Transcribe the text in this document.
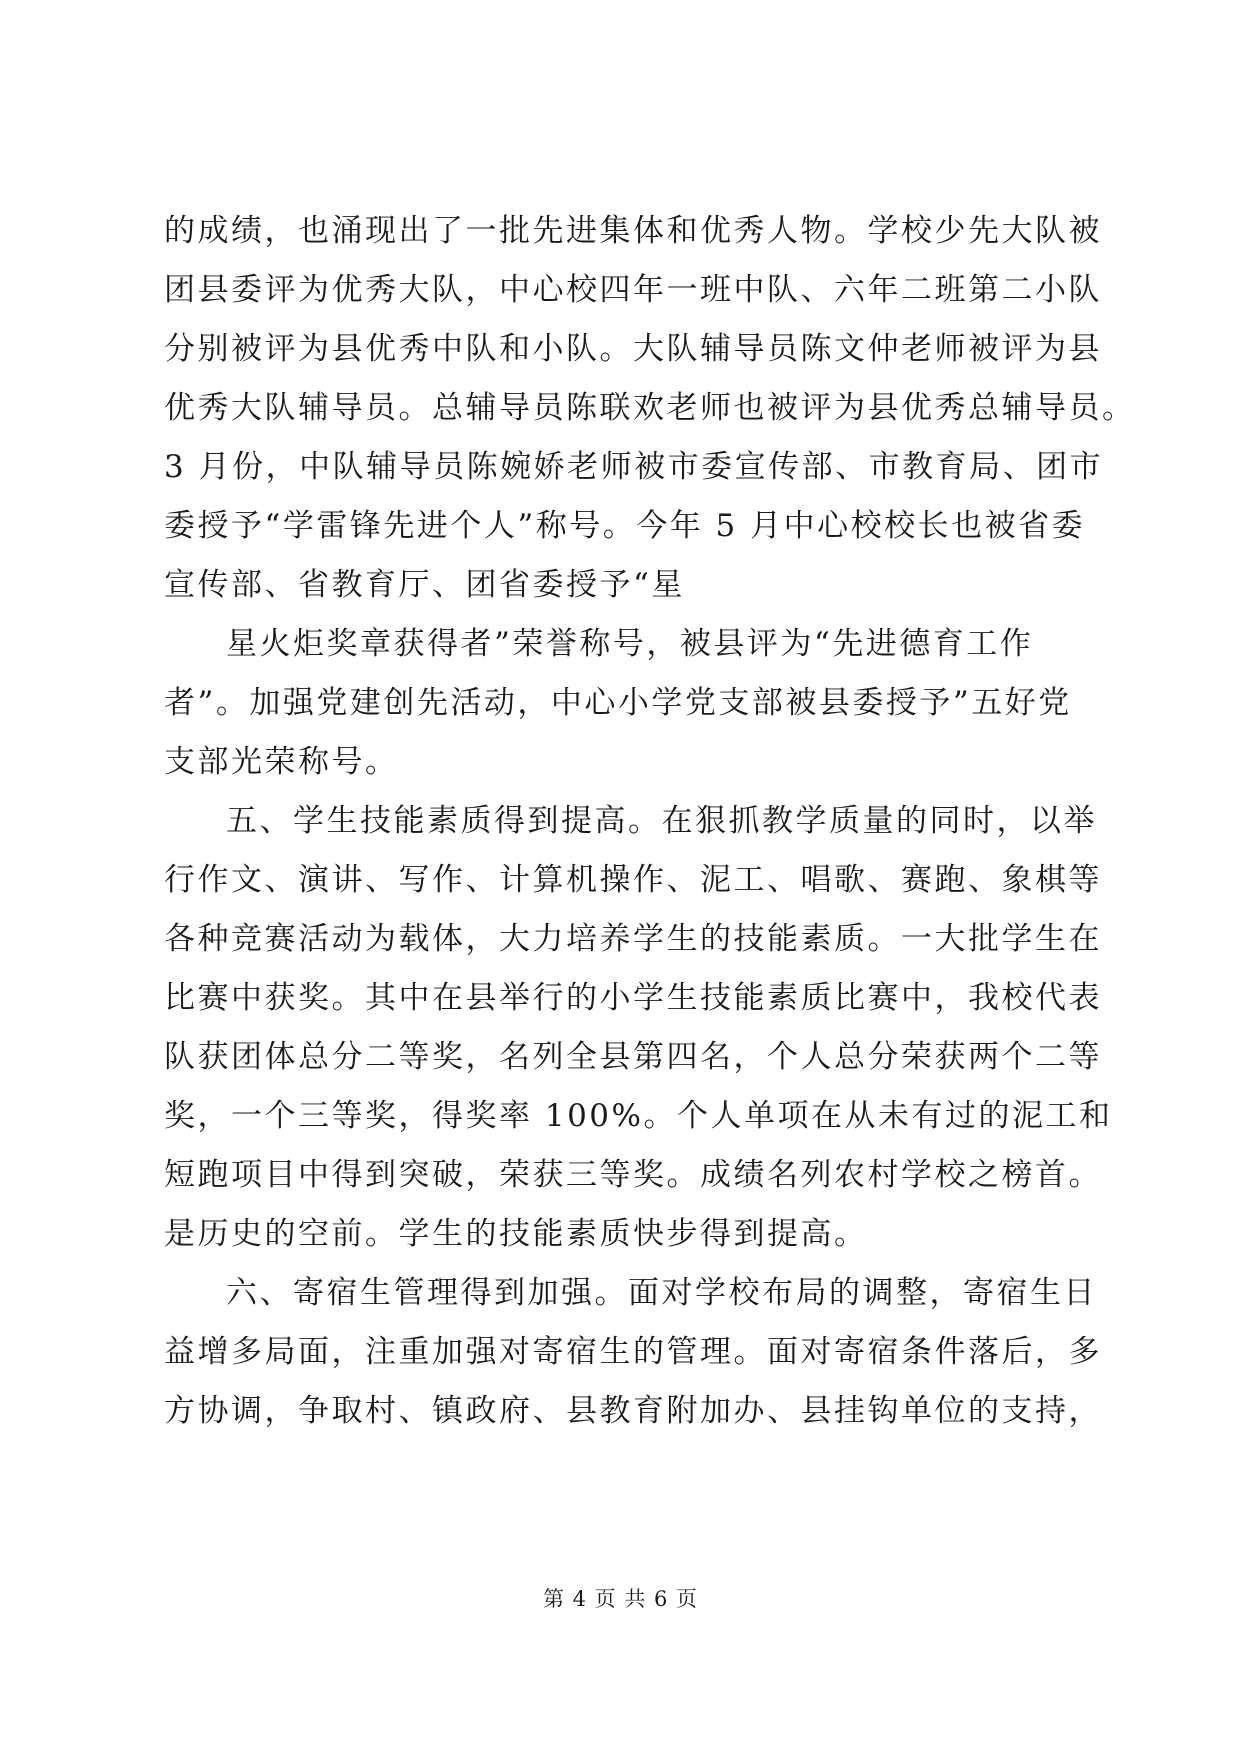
的成绩，也涌现出了一批先进集体和优秀人物。学校少先大队被
团县委评为优秀大队，中心校四年一班中队、六年二班第二小队
分别被评为县优秀中队和小队。大队辅导员陈文仲老师被评为县
优秀大队辅导员。总辅导员陈联欢老师也被评为县优秀总辅导员。
3 月份，中队辅导员陈婉娇老师被市委宣传部、市教育局、团市
委授予“学雷锋先进个人”称号。今年 5 月中心校校长也被省委
宣传部、省教育厅、团省委授予“星
星火炬奖章获得者”荣誉称号，被县评为“先进德育工作
者”。加强党建创先活动，中心小学党支部被县委授予”五好党
支部光荣称号。
五、学生技能素质得到提高。在狠抓教学质量的同时，以举
行作文、演讲、写作、计算机操作、泥工、唱歌、赛跑、象棋等
各种竞赛活动为载体，大力培养学生的技能素质。一大批学生在
比赛中获奖。其中在县举行的小学生技能素质比赛中，我校代表
队获团体总分二等奖，名列全县第四名，个人总分荣获两个二等
奖，一个三等奖，得奖率 100%。个人单项在从未有过的泥工和
短跑项目中得到突破，荣获三等奖。成绩名列农村学校之榜首。
是历史的空前。学生的技能素质快步得到提高。
六、寄宿生管理得到加强。面对学校布局的调整，寄宿生日
益增多局面，注重加强对寄宿生的管理。面对寄宿条件落后，多
方协调，争取村、镇政府、县教育附加办、县挂钩单位的支持，
第 4 页 共 6 页
